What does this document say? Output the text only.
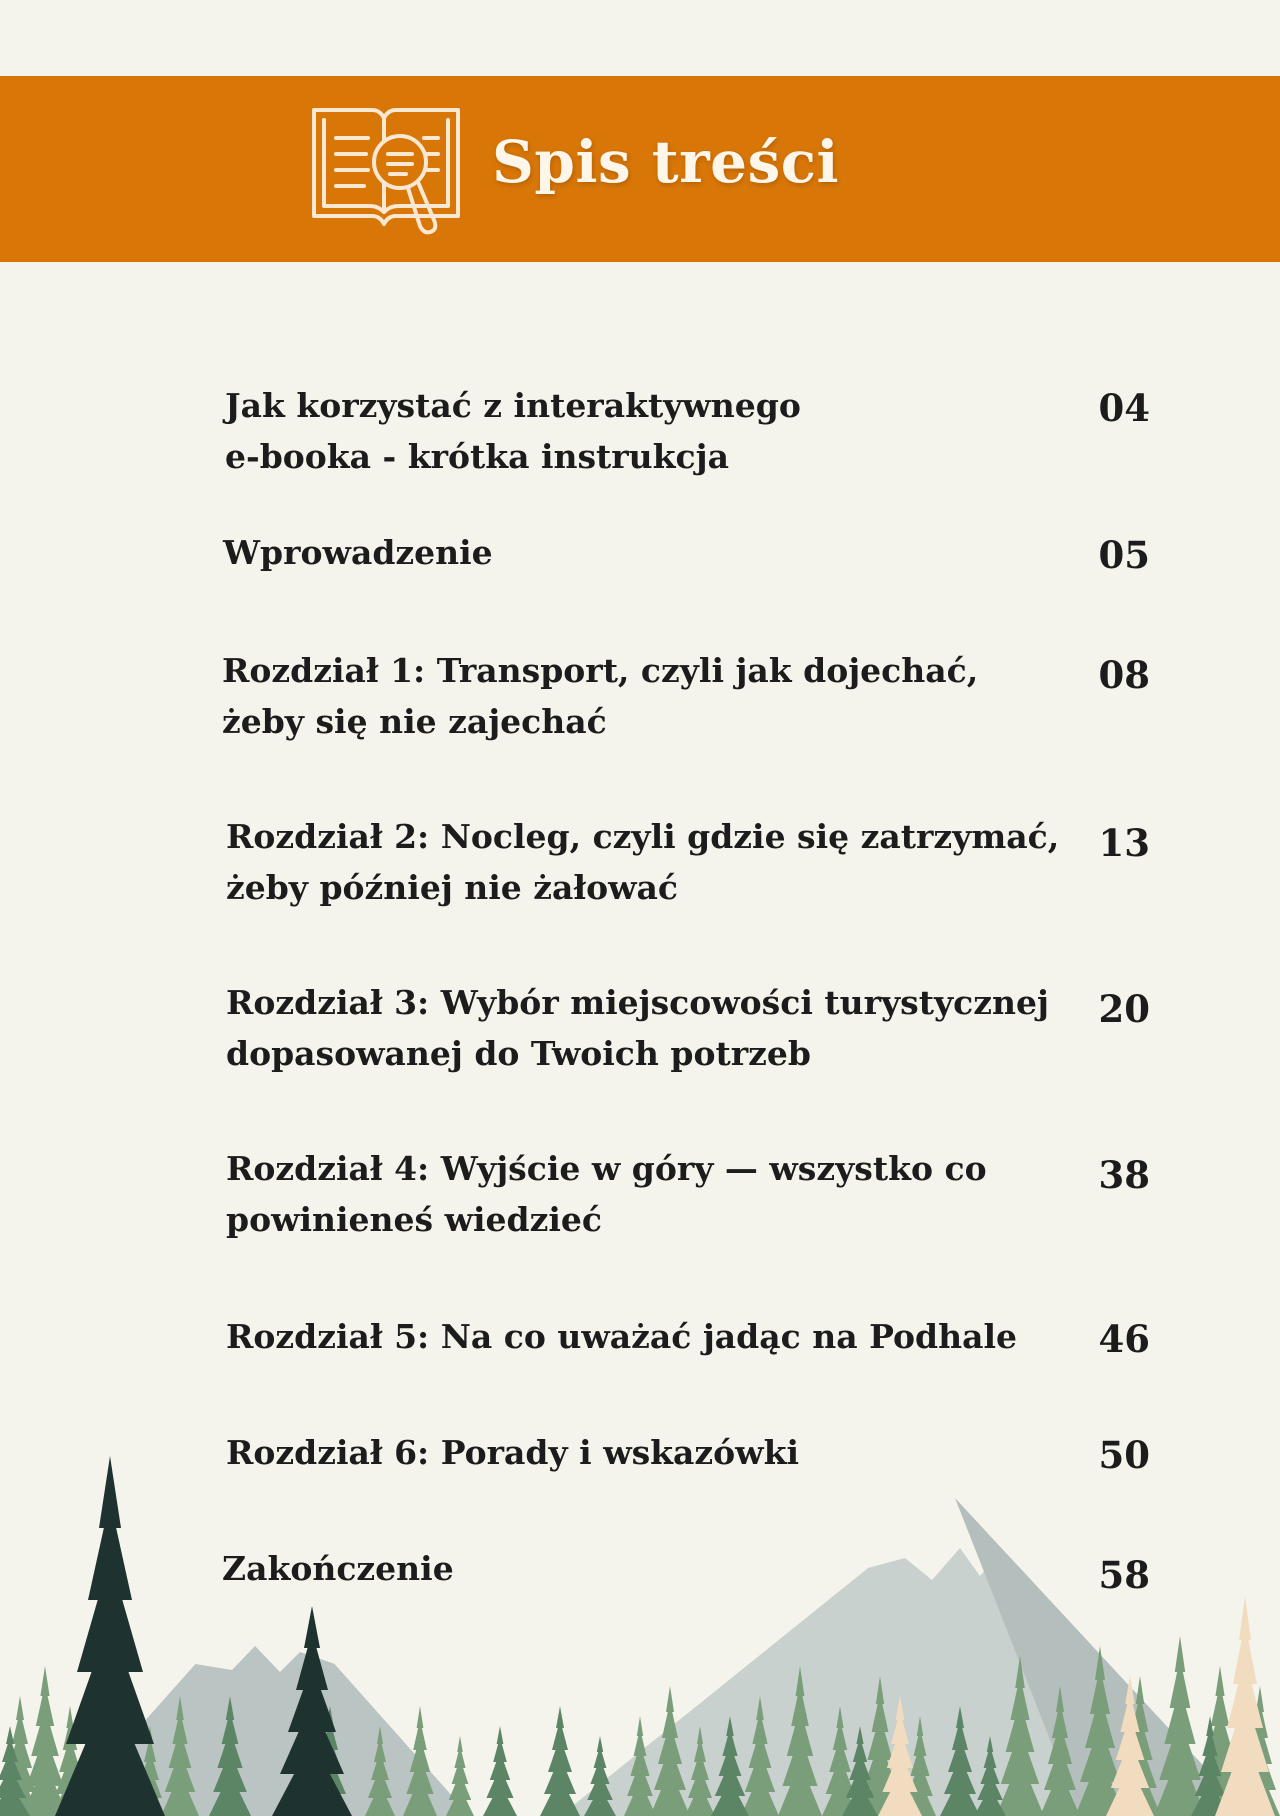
Spis treści
Jak korzystać z interaktywnego
e-booka - krótka instrukcja
04
Wprowadzenie	05
Rozdział 1: Transport, czyli jak dojechać,
żeby się nie zajechać
08
Rozdział 2: Nocleg, czyli gdzie się zatrzymać,
żeby później nie żałować
13
Rozdział 3: Wybór miejscowości turystycznej
dopasowanej do Twoich potrzeb
20
Rozdział 4: Wyjście w góry — wszystko co
powinieneś wiedzieć
38
Rozdział 5: Na co uważać jadąc na Podhale 46
Rozdział 6: Porady i wskazówki	50
Zakończenie	58
